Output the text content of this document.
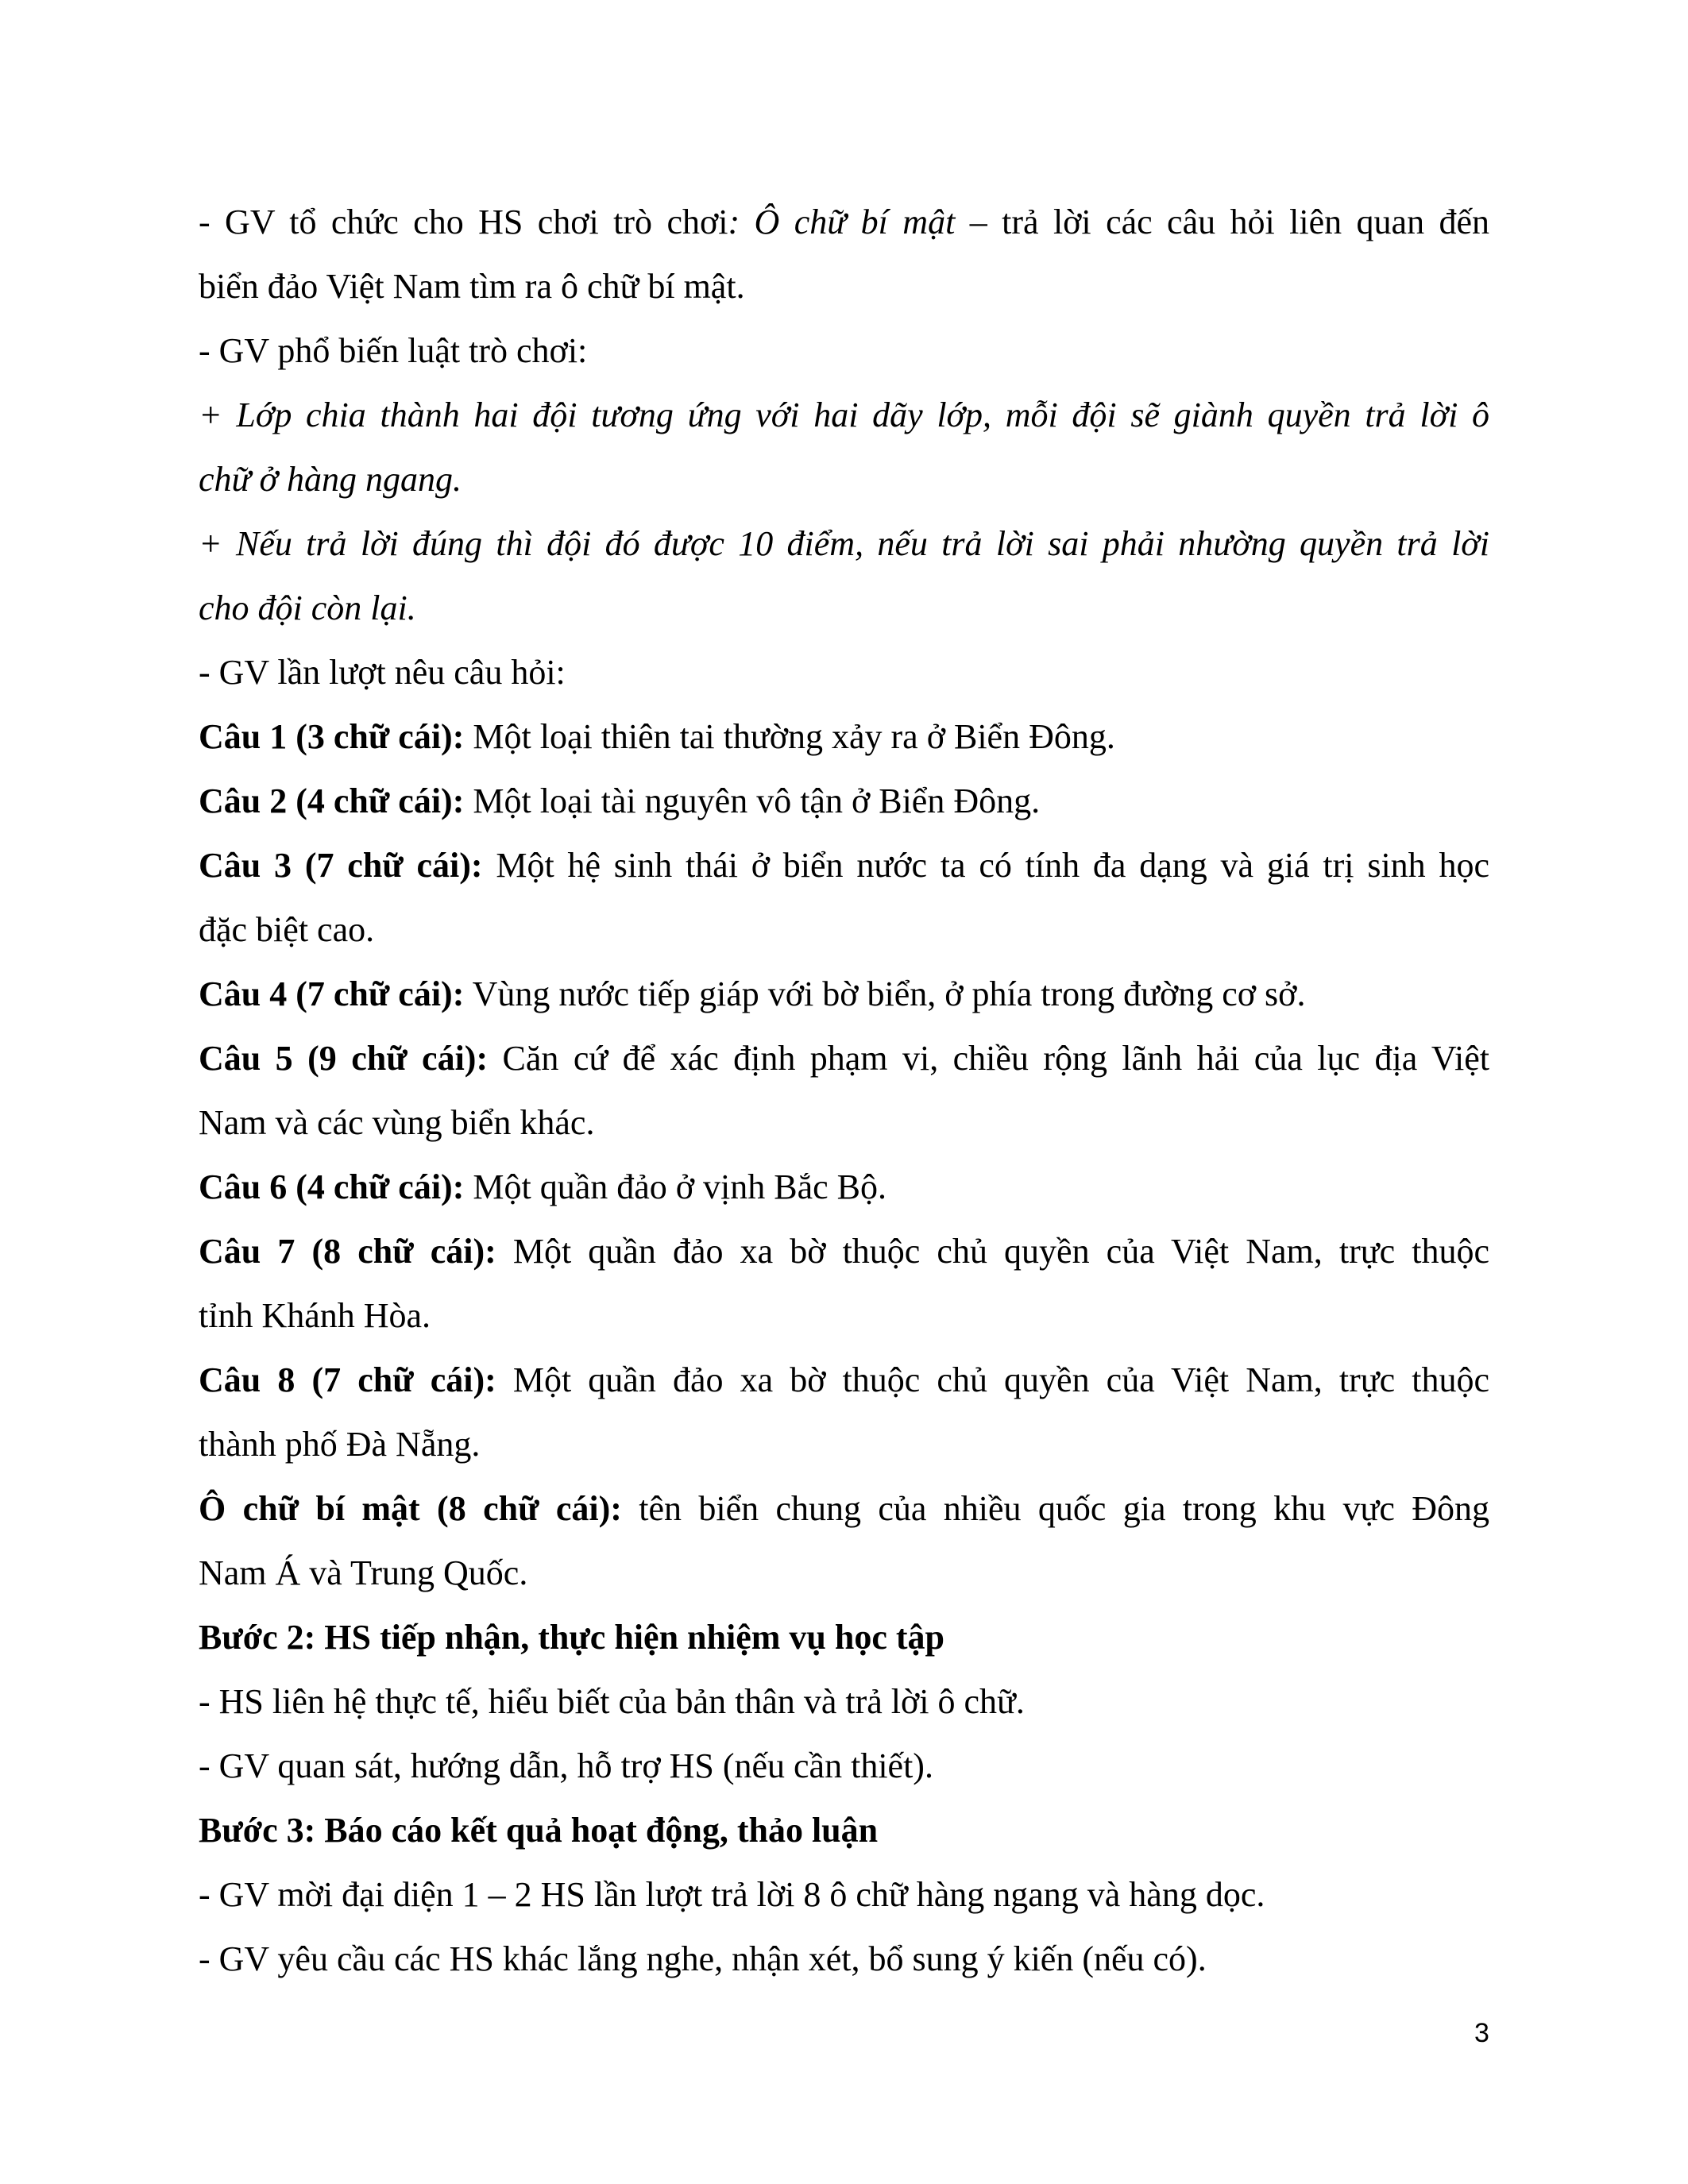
- GV tổ chức cho HS chơi trò chơi: Ô chữ bí mật – trả lời các câu hỏi liên quan đến
biển đảo Việt Nam tìm ra ô chữ bí mật.
- GV phổ biến luật trò chơi:
+ Lớp chia thành hai đội tương ứng với hai dãy lớp, mỗi đội sẽ giành quyền trả lời ô
chữ ở hàng ngang.
+ Nếu trả lời đúng thì đội đó được 10 điểm, nếu trả lời sai phải nhường quyền trả lời
cho đội còn lại.
- GV lần lượt nêu câu hỏi:
Câu 1 (3 chữ cái): Một loại thiên tai thường xảy ra ở Biển Đông.
Câu 2 (4 chữ cái): Một loại tài nguyên vô tận ở Biển Đông.
Câu 3 (7 chữ cái): Một hệ sinh thái ở biển nước ta có tính đa dạng và giá trị sinh học
đặc biệt cao.
Câu 4 (7 chữ cái): Vùng nước tiếp giáp với bờ biển, ở phía trong đường cơ sở.
Câu 5 (9 chữ cái): Căn cứ để xác định phạm vi, chiều rộng lãnh hải của lục địa Việt
Nam và các vùng biển khác.
Câu 6 (4 chữ cái): Một quần đảo ở vịnh Bắc Bộ.
Câu 7 (8 chữ cái): Một quần đảo xa bờ thuộc chủ quyền của Việt Nam, trực thuộc
tỉnh Khánh Hòa.
Câu 8 (7 chữ cái): Một quần đảo xa bờ thuộc chủ quyền của Việt Nam, trực thuộc
thành phố Đà Nẵng.
Ô chữ bí mật (8 chữ cái): tên biển chung của nhiều quốc gia trong khu vực Đông
Nam Á và Trung Quốc.
Bước 2: HS tiếp nhận, thực hiện nhiệm vụ học tập
- HS liên hệ thực tế, hiểu biết của bản thân và trả lời ô chữ.
- GV quan sát, hướng dẫn, hỗ trợ HS (nếu cần thiết).
Bước 3: Báo cáo kết quả hoạt động, thảo luận
- GV mời đại diện 1 – 2 HS lần lượt trả lời 8 ô chữ hàng ngang và hàng dọc.
- GV yêu cầu các HS khác lắng nghe, nhận xét, bổ sung ý kiến (nếu có).
3
